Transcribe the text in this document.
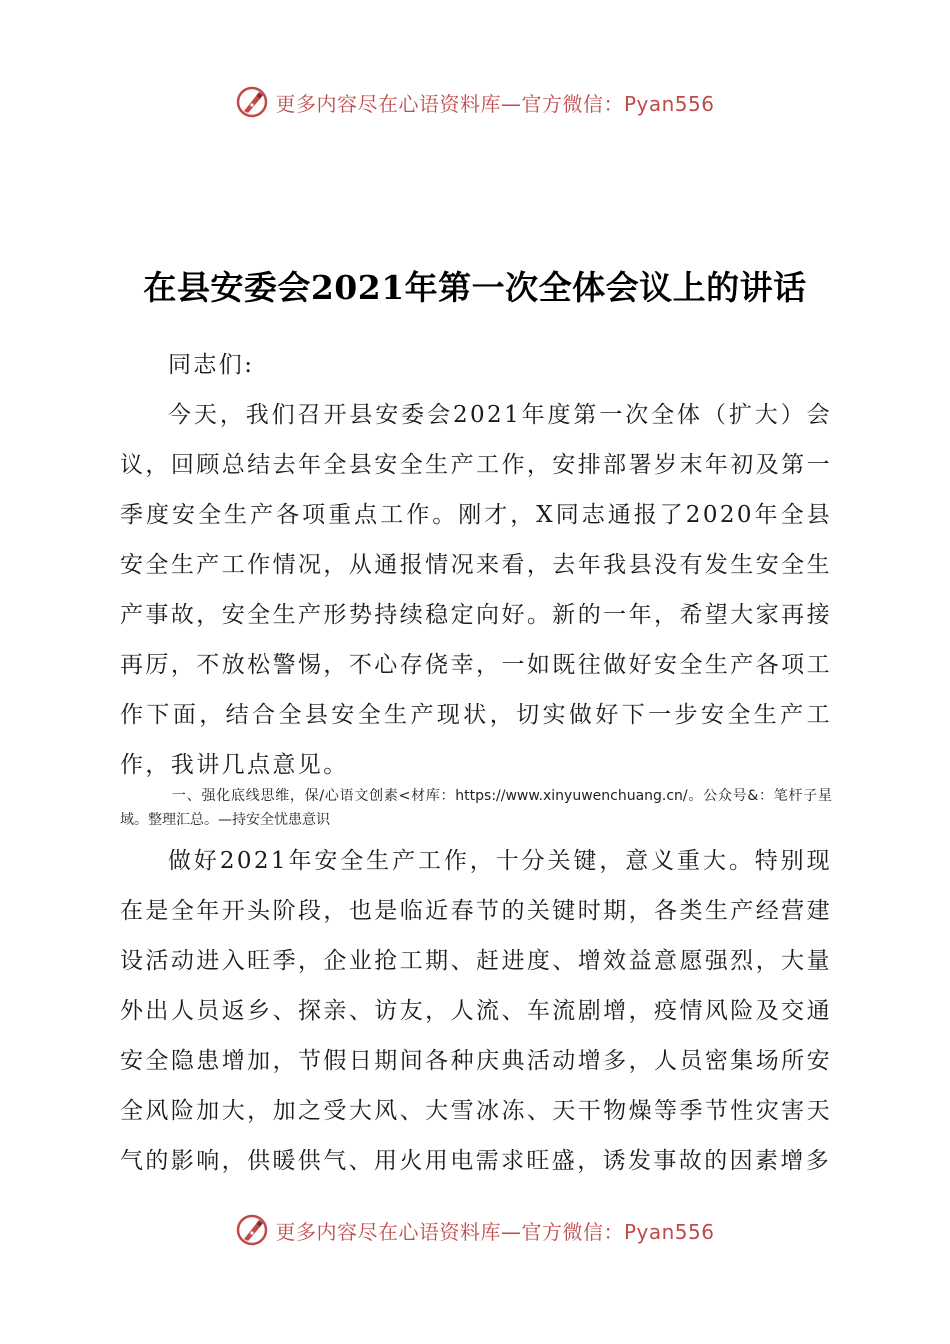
更多内容尽在心语资料库—官方微信：Pyan556
在县安委会2021年第一次全体会议上的讲话
同志们:

今天，我们召开县安委会2021年度第一次全体（扩大）会议，回顾总结去年全县安全生产工作，安排部署岁末年初及第一季度安全生产各项重点工作。刚才，X同志通报了2020年全县安全生产工作情况，从通报情况来看，去年我县没有发生安全生产事故，安全生产形势持续稳定向好。新的一年，希望大家再接再厉，不放松警惕，不心存侥幸，一如既往做好安全生产各项工作下面，结合全县安全生产现状，切实做好下一步安全生产工作，我讲几点意见。

一、强化底线思维，保/心语文创素<材库：https://www.xinyuwenchuang.cn/。公众号&：笔杆子星域。整理汇总。—持安全忧患意识

做好2021年安全生产工作，十分关键，意义重大。特别现在是全年开头阶段，也是临近春节的关键时期，各类生产经营建设活动进入旺季，企业抢工期、赶进度、增效益意愿强烈，大量外出人员返乡、探亲、访友，人流、车流剧增，疫情风险及交通安全隐患增加，节假日期间各种庆典活动增多，人员密集场所安全风险加大，加之受大风、大雪冰冻、天干物燥等季节性灾害天气的影响，供暖供气、用火用电需求旺盛，诱发事故的因素增多

更多内容尽在心语资料库—官方微信：Pyan556
